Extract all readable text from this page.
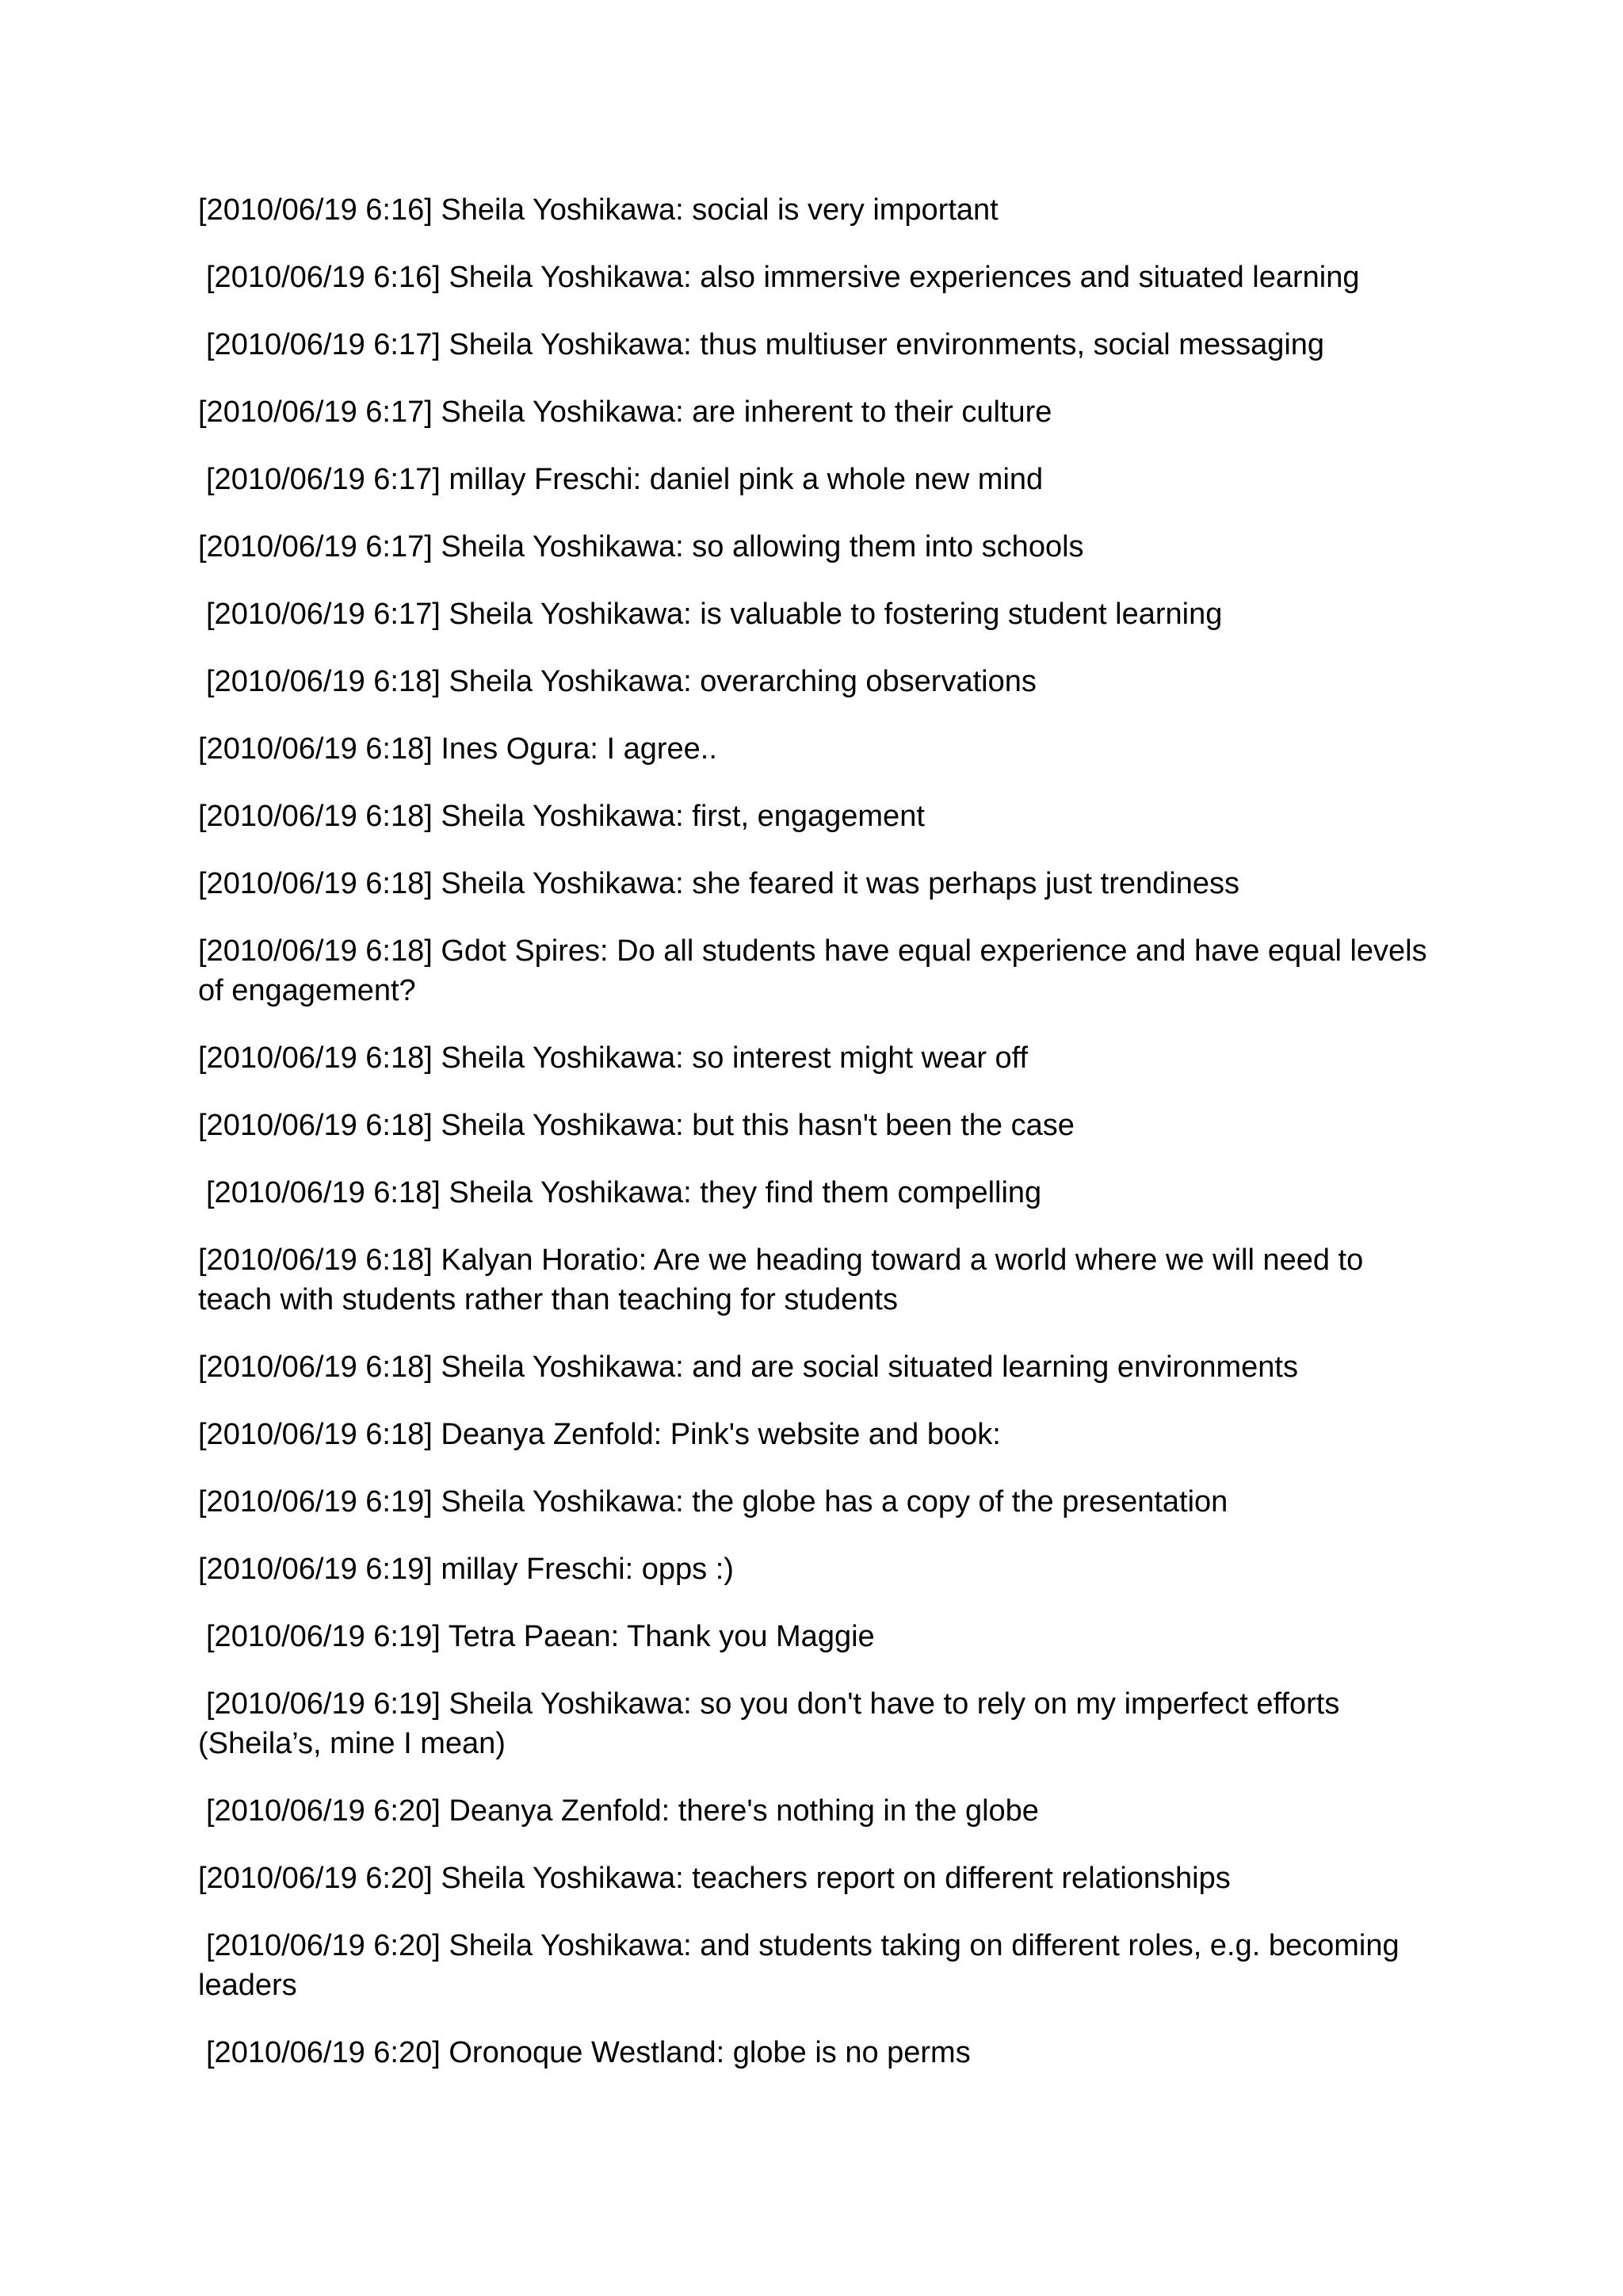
[2010/06/19 6:16] Sheila Yoshikawa: social is very important
[2010/06/19 6:16] Sheila Yoshikawa: also immersive experiences and situated learning
[2010/06/19 6:17] Sheila Yoshikawa: thus multiuser environments, social messaging
[2010/06/19 6:17] Sheila Yoshikawa: are inherent to their culture
[2010/06/19 6:17] millay Freschi: daniel pink a whole new mind
[2010/06/19 6:17] Sheila Yoshikawa: so allowing them into schools
[2010/06/19 6:17] Sheila Yoshikawa: is valuable to fostering student learning
[2010/06/19 6:18] Sheila Yoshikawa: overarching observations
[2010/06/19 6:18] Ines Ogura: I agree..
[2010/06/19 6:18] Sheila Yoshikawa: first, engagement
[2010/06/19 6:18] Sheila Yoshikawa: she feared it was perhaps just trendiness
[2010/06/19 6:18] Gdot Spires: Do all students have equal experience and have equal levels of engagement?
[2010/06/19 6:18] Sheila Yoshikawa: so interest might wear off
[2010/06/19 6:18] Sheila Yoshikawa: but this hasn't been the case
[2010/06/19 6:18] Sheila Yoshikawa: they find them compelling
[2010/06/19 6:18] Kalyan Horatio: Are we heading toward a world where we will need to teach with students rather than teaching for students
[2010/06/19 6:18] Sheila Yoshikawa: and are social situated learning environments
[2010/06/19 6:18] Deanya Zenfold: Pink's website and book:
[2010/06/19 6:19] Sheila Yoshikawa: the globe has a copy of the presentation
[2010/06/19 6:19] millay Freschi: opps :)
[2010/06/19 6:19] Tetra Paean: Thank you Maggie
[2010/06/19 6:19] Sheila Yoshikawa: so you don't have to rely on my imperfect efforts (Sheila’s, mine I mean)
[2010/06/19 6:20] Deanya Zenfold: there's nothing in the globe
[2010/06/19 6:20] Sheila Yoshikawa: teachers report on different relationships
[2010/06/19 6:20] Sheila Yoshikawa: and students taking on different roles, e.g. becoming leaders
[2010/06/19 6:20] Oronoque Westland: globe is no perms
